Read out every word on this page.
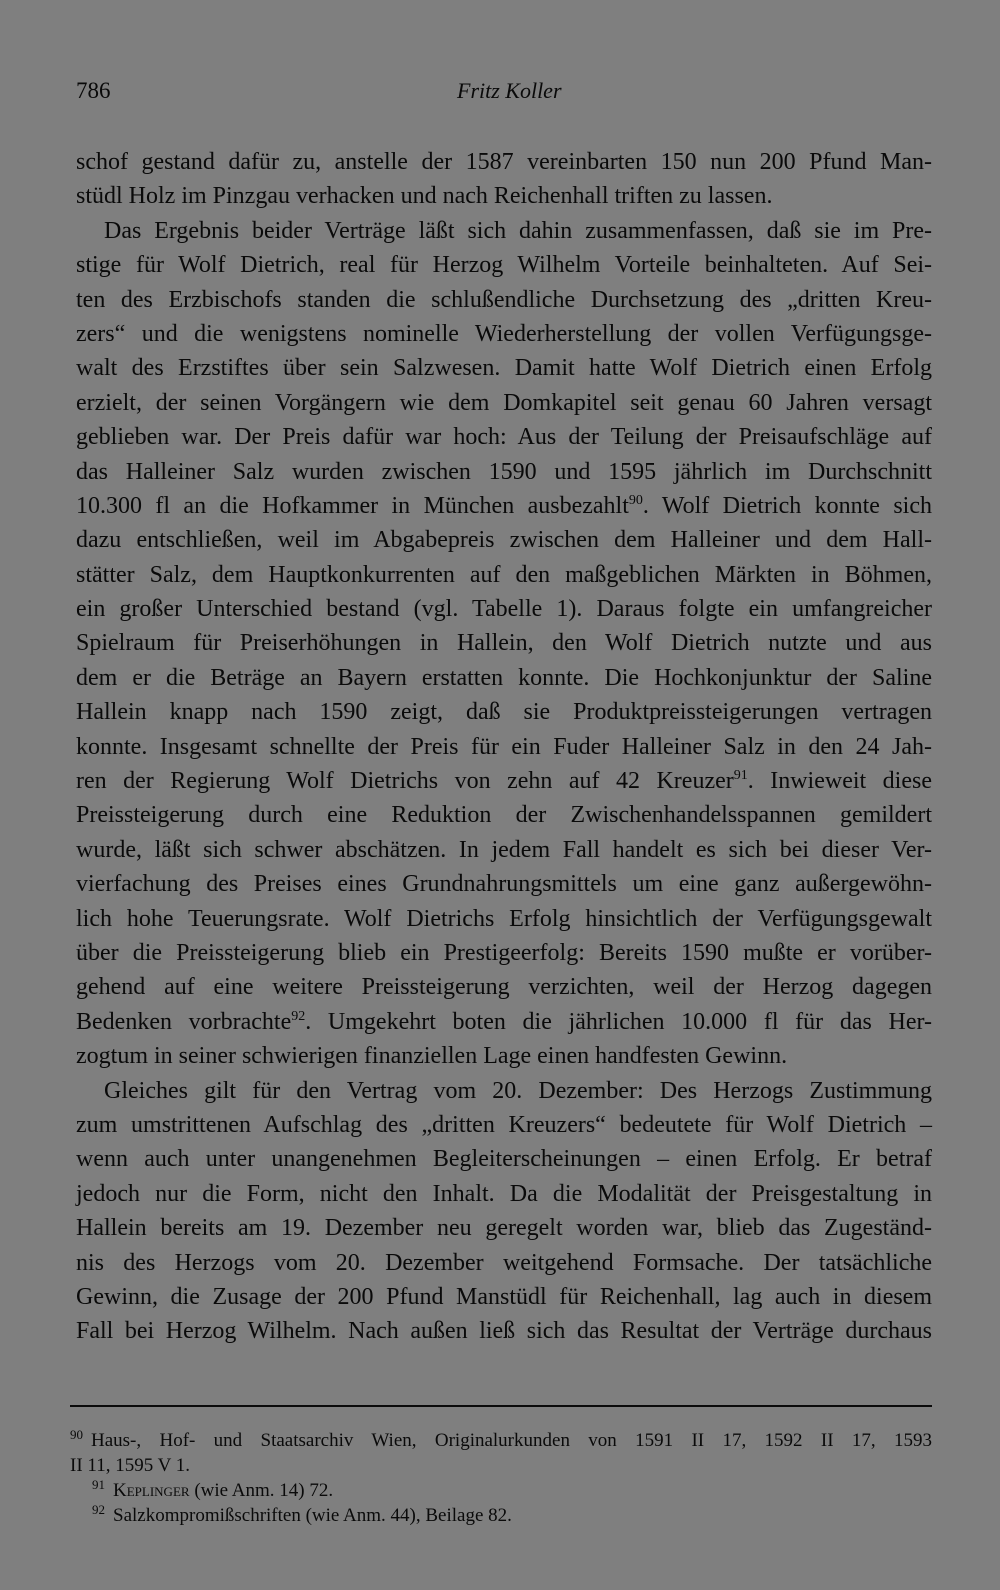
786	Fritz Koller
schof gestand dafür zu, anstelle der 1587 vereinbarten 150 nun 200 Pfund Man-
stüdl Holz im Pinzgau verhacken und nach Reichenhall triften zu lassen.
Das Ergebnis beider Verträge läßt sich dahin zusammenfassen, daß sie im Pre-
stige für Wolf Dietrich, real für Herzog Wilhelm Vorteile beinhalteten. Auf Sei-
ten des Erzbischofs standen die schlußendliche Durchsetzung des „dritten Kreu-
zers“ und die wenigstens nominelle Wiederherstellung der vollen Verfügungsge-
walt des Erzstiftes über sein Salzwesen. Damit hatte Wolf Dietrich einen Erfolg
erzielt, der seinen Vorgängern wie dem Domkapitel seit genau 60 Jahren versagt
geblieben war. Der Preis dafür war hoch: Aus der Teilung der Preisaufschläge auf
das Halleiner Salz wurden zwischen 1590 und 1595 jährlich im Durchschnitt
10.300 fl an die Hofkammer in München ausbezahlt$^{90}$. Wolf Dietrich konnte sich
dazu entschließen, weil im Abgabepreis zwischen dem Halleiner und dem Hall-
stätter Salz, dem Hauptkonkurrenten auf den maßgeblichen Märkten in Böhmen,
ein großer Unterschied bestand (vgl. Tabelle 1). Daraus folgte ein umfangreicher
Spielraum für Preiserhöhungen in Hallein, den Wolf Dietrich nutzte und aus
dem er die Beträge an Bayern erstatten konnte. Die Hochkonjunktur der Saline
Hallein knapp nach 1590 zeigt, daß sie Produktpreissteigerungen vertragen
konnte. Insgesamt schnellte der Preis für ein Fuder Halleiner Salz in den 24 Jah-
ren der Regierung Wolf Dietrichs von zehn auf 42 Kreuzer$^{91}$. Inwieweit diese
Preissteigerung durch eine Reduktion der Zwischenhandelsspannen gemildert
wurde, läßt sich schwer abschätzen. In jedem Fall handelt es sich bei dieser Ver-
vierfachung des Preises eines Grundnahrungsmittels um eine ganz außergewöhn-
lich hohe Teuerungsrate. Wolf Dietrichs Erfolg hinsichtlich der Verfügungsgewalt
über die Preissteigerung blieb ein Prestigeerfolg: Bereits 1590 mußte er vorüber-
gehend auf eine weitere Preissteigerung verzichten, weil der Herzog dagegen
Bedenken vorbrachte$^{92}$. Umgekehrt boten die jährlichen 10.000 fl für das Her-
zogtum in seiner schwierigen finanziellen Lage einen handfesten Gewinn.
Gleiches gilt für den Vertrag vom 20. Dezember: Des Herzogs Zustimmung
zum umstrittenen Aufschlag des „dritten Kreuzers“ bedeutete für Wolf Dietrich –
wenn auch unter unangenehmen Begleiterscheinungen – einen Erfolg. Er betraf
jedoch nur die Form, nicht den Inhalt. Da die Modalität der Preisgestaltung in
Hallein bereits am 19. Dezember neu geregelt worden war, blieb das Zugeständ-
nis des Herzogs vom 20. Dezember weitgehend Formsache. Der tatsächliche
Gewinn, die Zusage der 200 Pfund Manstüdl für Reichenhall, lag auch in diesem
Fall bei Herzog Wilhelm. Nach außen ließ sich das Resultat der Verträge durchaus
$^{90}$ Haus-, Hof- und Staatsarchiv Wien, Originalurkunden von 1591 II 17, 1592 II 17, 1593
II 11, 1595 V 1.
$^{91}$ Keplinger (wie Anm. 14) 72.
$^{92}$ Salzkompromißschriften (wie Anm. 44), Beilage 82.
